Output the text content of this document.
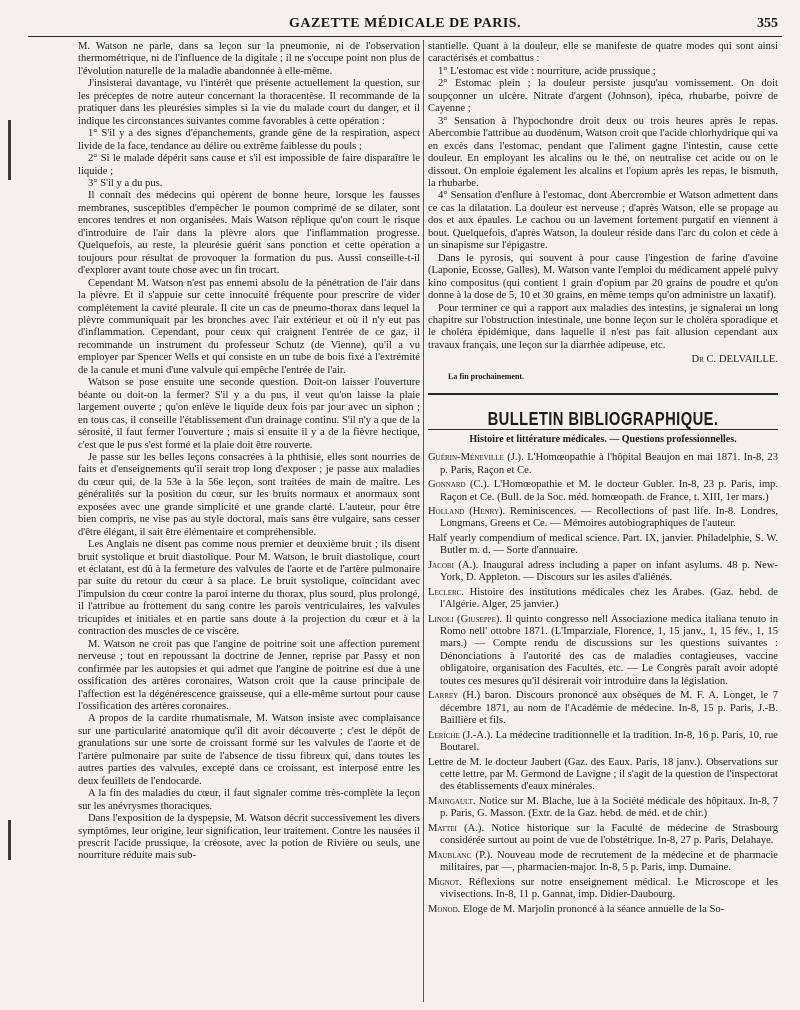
GAZETTE MÉDICALE DE PARIS.	355

M. Watson ne parle, dans sa leçon sur la pneumonie, ni de l'observation thermométrique, ni de l'influence de la digitale ; il ne s'occupe point non plus de l'évolution naturelle de la maladie abandonnée à elle-même.

J'insisterai davantage, vu l'intérêt que présente actuellement la question, sur les préceptes de notre auteur concernant la thoracentèse. Il recommande de la pratiquer dans les pleurésies simples si la vie du malade court du danger, et il indique les circonstances suivantes comme favorables à cette opération :

1° S'il y a des signes d'épanchements, grande gêne de la respiration, aspect livide de la face, tendance au délire ou extrême faiblesse du pouls ;

2° Si le malade dépérit sans cause et s'il est impossible de faire disparaître le liquide ;

3° S'il y a du pus.

Il connaît des médecins qui opèrent de bonne heure, lorsque les fausses membranes, susceptibles d'empêcher le poumon comprimé de se dilater, sont encores tendres et non organisées. Mais Watson réplique qu'on court le risque d'introduire de l'air dans la plèvre alors que l'inflammation progresse. Quelquefois, au reste, la pleurésie guérit sans ponction et cette opération a toujours pour résultat de provoquer la formation du pus. Aussi conseille-t-il d'explorer avant toute chose avec un fin trocart.

Cependant M. Watson n'est pas ennemi absolu de la pénétration de l'air dans la plèvre. Et il s'appuie sur cette innocuité fréquente pour prescrire de vider complétement la cavité pleurale. Il cite un cas de pneumo-thorax dans lequel la plèvre communiquait par les bronches avec l'air extérieur et où il n'y eut pas d'inflammation. Cependant, pour ceux qui craignent l'entrée de ce gaz, il recommande un instrument du professeur Schutz (de Vienne), qu'il a vu employer par Spencer Wells et qui consiste en un tube de bois fixé à l'extrémité de la canule et muni d'une valvule qui empêche l'entrée de l'air.

Watson se pose ensuite une seconde question. Doit-on laisser l'ouverture béante ou doit-on la fermer? S'il y a du pus, il veut qu'on laisse la plaie largement ouverte ; qu'on enlève le liquide deux fois par jour avec un siphon ; en tous cas, il conseille l'établissement d'un drainage continu. S'il n'y a que de la sérosité, il faut fermer l'ouverture ; mais si ensuite il y a de la fièvre hectique, c'est que le pus s'est formé et la plaie doit être rouverte.

Je passe sur les belles leçons consacrées à la phthisie, elles sont nourries de faits et d'enseignements qu'il serait trop long d'exposer ; je passe aux maladies du cœur qui, de la 53e à la 56e leçon, sont traitées de main de maître. Les généralités sur la position du cœur, sur les bruits normaux et anormaux sont exposées avec une grande simplicité et une grande clarté. L'auteur, pour être bien compris, ne vise pas au style doctoral, mais sans être vulgaire, sans cesser d'être élégant, il sait être élémentaire et compréhensible.

Les Anglais ne disent pas comme nous premier et deuxième bruit ; ils disent bruit systolique et bruit diastolique. Pour M. Watson, le bruit diastolique, court et éclatant, est dû à la fermeture des valvules de l'aorte et de l'artère pulmonaire par suite du retour du cœur à sa place. Le bruit systolique, coïncidant avec l'impulsion du cœur contre la paroi interne du thorax, plus sourd, plus prolongé, il l'attribue au frottement du sang contre les parois ventriculaires, les valvules tricupides et initiales et en partie sans doute à la projection du cœur et à la contraction des muscles de ce viscère.

M. Watson ne croit pas que l'angine de poitrine soit une affection purement nerveuse ; tout en repoussant la doctrine de Jenner, reprise par Passy et non confirmée par les autopsies et qui admet que l'angine de poitrine est due à une ossification des artères coronaires, Watson croit que la cause principale de l'affection est la dégénérescence graisseuse, qui a elle-même surtout pour cause l'ossification des artères coronaires.

A propos de la cardite rhumatismale, M. Watson insiste avec complaisance sur une particularité anatomique qu'il dit avoir découverte ; c'est le dépôt de granulations sur une sorte de croissant formé sur les valvules de l'aorte et de l'artère pulmonaire par suite de l'absence de tissu fibreux qui, dans toutes les autres parties des valvules, excepté dans ce croissant, est interposé entre les deux feuillets de l'endocarde.

A la fin des maladies du cœur, il faut signaler comme très-complète la leçon sur les anévrysmes thoraciques.

Dans l'exposition de la dyspepsie, M. Watson décrit successivement les divers symptômes, leur origine, leur signification, leur traitement. Contre les nausées il prescrit l'acide prussique, la créosote, avec la potion de Rivière ou seuls, une nourriture réduite mais sub-

stantielle. Quant à la douleur, elle se manifeste de quatre modes qui sont ainsi caractérisés et combattus :

1° L'estomac est vide : nourriture, acide prussique ;

2° Estomac plein ; la douleur persiste jusqu'au vomissement. On doit soupçonner un ulcère. Nitrate d'argent (Johnson), ipéca, rhubarbe, poivre de Cayenne ;

3° Sensation à l'hypochondre droit deux ou trois heures après le repas. Abercombie l'attribue au duodénum, Watson croit que l'acide chlorhydrique qui va en excès dans l'estomac, pendant que l'aliment gagne l'intestin, cause cette douleur. En employant les alcalins ou le thé, on neutralise cet acide ou on le dissout. On emploie également les alcalins et l'opium après les repas, le bismuth, la rhubarbe.

4° Sensation d'enflure à l'estomac, dont Abercrombie et Watson admettent dans ce cas la dilatation. La douleur est nerveuse ; d'après Watson, elle se propage au dos et aux épaules. Le cachou ou un lavement fortement purgatif en viennent à bout. Quelquefois, d'après Watson, la douleur réside dans l'arc du colon et cède à un sinapisme sur l'épigastre.

Dans le pyrosis, qui souvent à pour cause l'ingestion de farine d'avoine (Laponie, Ecosse, Galles), M. Watson vante l'emploi du médicament appelé pulvy kino compositus (qui contient 1 grain d'opium par 20 grains de poudre et qu'on donne à la dose de 5, 10 et 30 grains, en même temps qu'on administre un laxatif).

Pour terminer ce qui a rapport aux maladies des intestins, je signalerai un long chapitre sur l'obstruction intestinale, une bonne leçon sur le choléra sporadique et le choléra épidémique, dans laquelle il n'est pas fait allusion cependant aux travaux français, une leçon sur la diarrhée adipeuse, etc.

Dr C. DELVAILLE.
La fin prochainement.
BULLETIN BIBLIOGRAPHIQUE.
Histoire et littérature médicales. — Questions professionnelles.
Guérin-Méneville (J.). L'Homœopathie à l'hôpital Beaujon en mai 1871. In-8, 23 p. Paris, Raçon et Ce.
Gonnard (C.). L'Homœopathie et M. le docteur Gubler. In-8, 23 p. Paris, imp. Raçon et Ce. (Bull. de la Soc. méd. homœopath. de France, t. XIII, 1er mars.)
Holland (Henry). Reminiscences. — Recollections of past life. In-8. Londres, Longmans, Greens et Ce. — Mémoires autobiographiques de l'auteur.
Half yearly compendium of medical science. Part. IX, janvier. Philadelphie, S. W. Butler m. d. — Sorte d'annuaire.
Jacobi (A.). Inaugural adress including a paper on infant asylums. 48 p. New-York, D. Appleton. — Discours sur les asiles d'aliénés.
Leclerc. Histoire des institutions médicales chez les Arabes. (Gaz. hebd. de l'Algérie. Alger, 25 janvier.)
Linoli (Giuseppe). Il quinto congresso nell Associazione medica italiana tenuto in Romo nell' ottobre 1871. (L'Imparziale, Florence, 1, 15 janv., 1, 15 fév., 1, 15 mars.) — Compte rendu de discussions sur les questions suivantes : Dénonciations à l'autorité des cas de maladies contagieuses, vaccine obligatoire, organisation des Facultés, etc. — Le Congrès paraît avoir adopté toutes ces mesures qu'il désirerait voir introduire dans la législation.
Larrey (H.) baron. Discours prononcé aux obsèques de M. F. A. Longet, le 7 décembre 1871, au nom de l'Académie de médecine. In-8, 15 p. Paris, J.-B. Baillière et fils.
Leriche (J.-A.). La médecine traditionnelle et la tradition. In-8, 16 p. Paris, 10, rue Boutarel.
Lettre de M. le docteur Jaubert (Gaz. des Eaux. Paris, 18 janv.). Observations sur cette lettre, par M. Germond de Lavigne ; il s'agit de la question de l'inspectorat des établissements d'eaux minérales.
Maingault. Notice sur M. Blache, lue à la Société médicale des hôpitaux. In-8, 7 p. Paris, G. Masson. (Extr. de la Gaz. hebd. de méd. et de chir.)
Mattei (A.). Notice historique sur la Faculté de médecine de Strasbourg considérée surtout au point de vue de l'obstétrique. In-8, 27 p. Paris, Delahaye.
Maublanc (P.). Nouveau mode de recrutement de la médecine et de pharmacie militaires, par —, pharmacien-major. In-8, 5 p. Paris, imp. Dumaine.
Mignot. Réflexions sur notre enseignement médical. Le Microscope et les vivisections. In-8, 11 p. Gannat, imp. Didier-Daubourg.
Monod. Eloge de M. Marjolin prononcé à la séance annuelle de la So-
